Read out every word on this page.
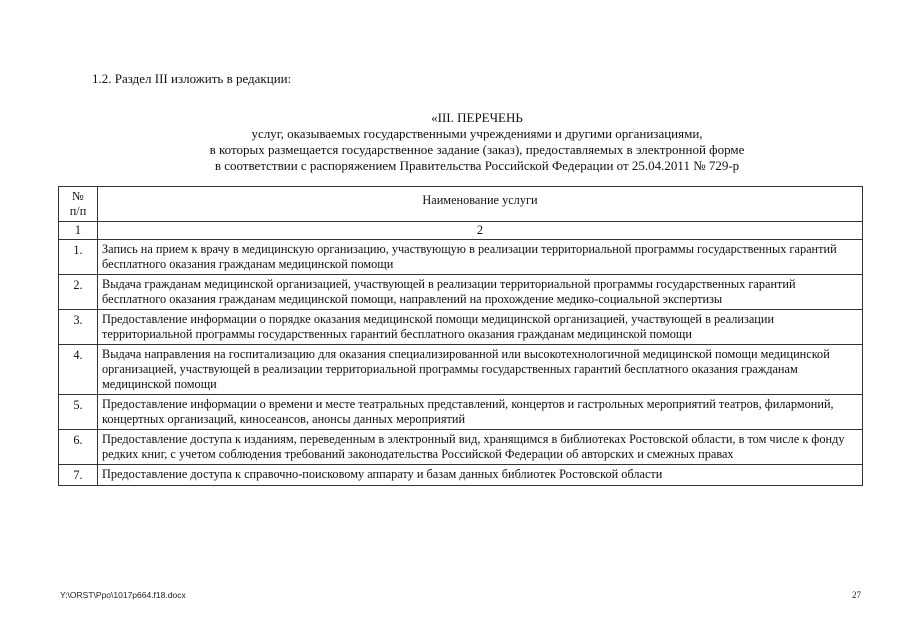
1.2. Раздел III изложить в редакции:
«III. ПЕРЕЧЕНЬ
услуг, оказываемых государственными учреждениями и другими организациями,
в которых размещается государственное задание (заказ), предоставляемых в электронной форме
в соответствии с распоряжением Правительства Российской Федерации от 25.04.2011 № 729-р
№
п/п	Наименование услуги
1	2
1.	Запись на прием к врачу в медицинскую организацию, участвующую в реализации территориальной программы государственных гарантий бесплатного оказания гражданам медицинской помощи
2.	Выдача гражданам медицинской организацией, участвующей в реализации территориальной программы государственных гарантий бесплатного оказания гражданам медицинской помощи, направлений на прохождение медико-социальной экспертизы
3.	Предоставление информации о порядке оказания медицинской помощи медицинской организацией, участвующей в реализации территориальной программы государственных гарантий бесплатного оказания гражданам медицинской помощи
4.	Выдача направления на госпитализацию для оказания специализированной или высокотехнологичной медицинской помощи медицинской организацией, участвующей в реализации территориальной программы государственных гарантий бесплатного оказания гражданам медицинской помощи
5.	Предоставление информации о времени и месте театральных представлений, концертов и гастрольных мероприятий театров, филармоний, концертных организаций, киносеансов, анонсы данных мероприятий
6.	Предоставление доступа к изданиям, переведенным в электронный вид, хранящимся в библиотеках Ростовской области, в том числе к фонду редких книг, с учетом соблюдения требований законодательства Российской Федерации об авторских и смежных правах
7.	Предоставление доступа к справочно-поисковому аппарату и базам данных библиотек Ростовской области
Y:\ORST\Ppo\1017p664.f18.docx	27
